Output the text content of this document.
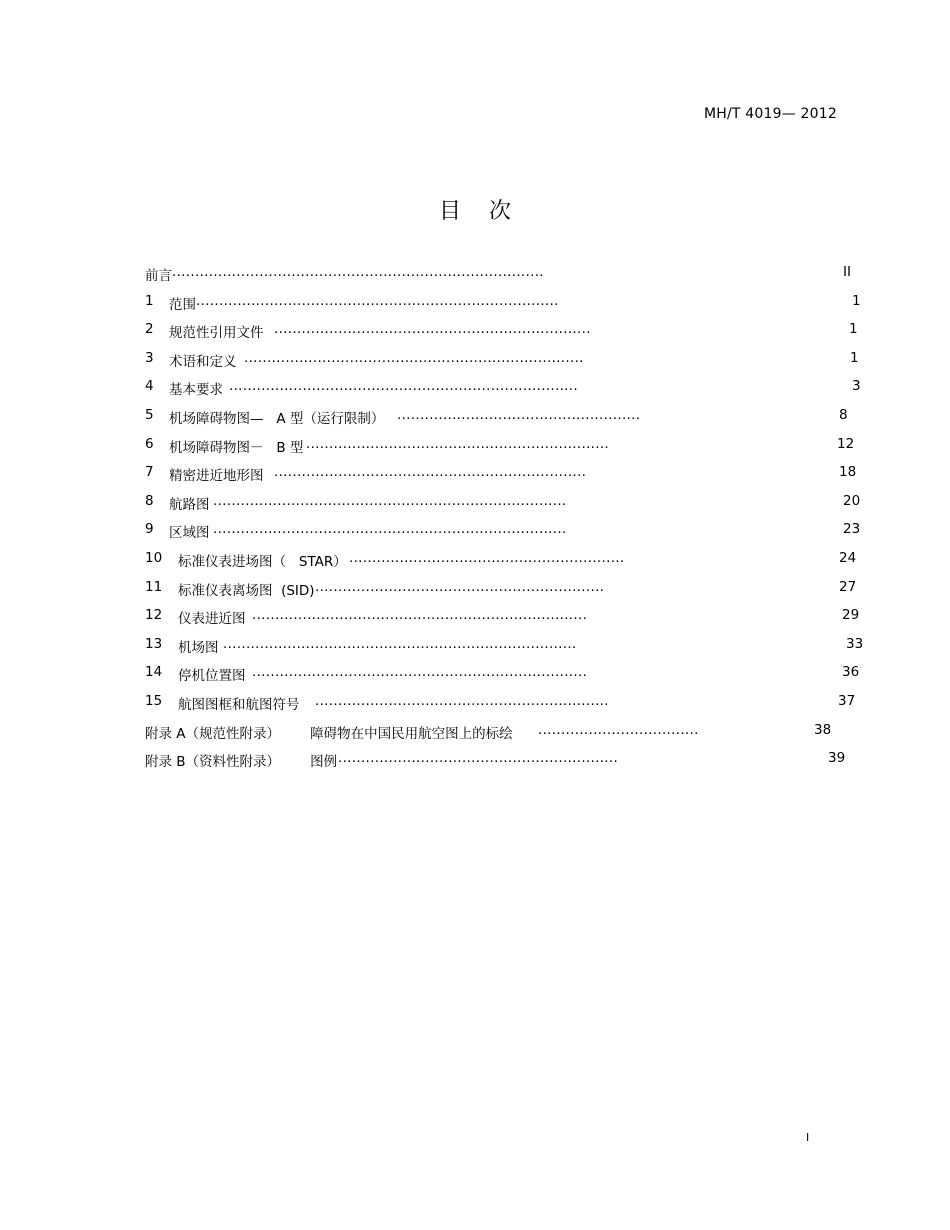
MH/T 4019— 2012
目    次
前言 .................................................................................	II
1 范围 ...............................................................................	1
2 规范性引用文件 .....................................................................	1
3 术语和定义 ..........................................................................	1
4 基本要求 ............................................................................	3
5 机场障碍物图—   A 型（运行限制） .....................................................	8
6 机场障碍物图－   B 型 ..................................................................	12
7 精密进近地形图 ....................................................................	18
8 航路图 .............................................................................	20
9 区域图 .............................................................................	23
10 标准仪表进场图（   STAR） ............................................................	24
11 标准仪表离场图  (SID) ...............................................................	27
12 仪表进近图 .........................................................................	29
13 机场图 .............................................................................	33
14 停机位置图 .........................................................................	36
15 航图图框和航图符号 ................................................................	37
附录 A（规范性附录）       障碍物在中国民用航空图上的标绘 ...................................	38
附录 B（资料性附录）       图例 .............................................................	39
I
